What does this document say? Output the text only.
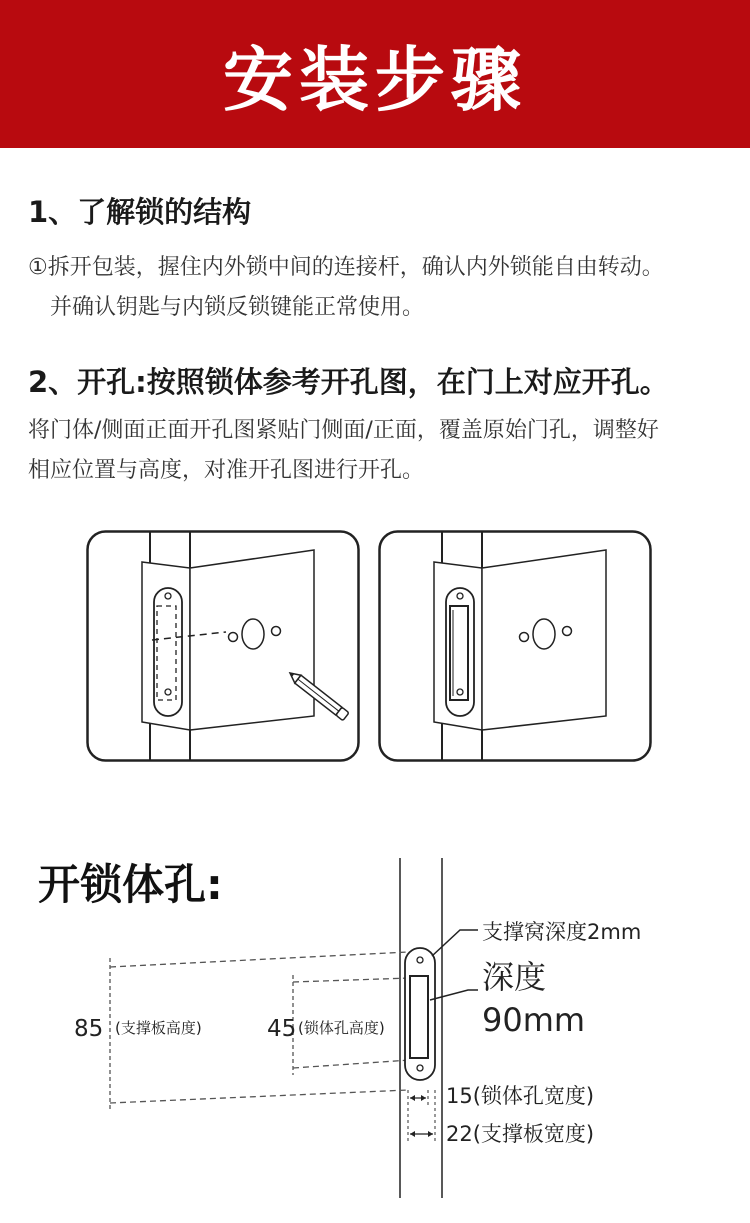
安装步骤
1、了解锁的结构
①拆开包装，握住内外锁中间的连接杆，确认内外锁能自由转动。
并确认钥匙与内锁反锁键能正常使用。
2、开孔:按照锁体参考开孔图，在门上对应开孔。
将门体/侧面正面开孔图紧贴门侧面/正面，覆盖原始门孔，调整好
相应位置与高度，对准开孔图进行开孔。
开锁体孔:
85 (支撑板高度)	45 (锁体孔高度)
支撑窝深度2mm
深度
90mm
15(锁体孔宽度)
22(支撑板宽度)
